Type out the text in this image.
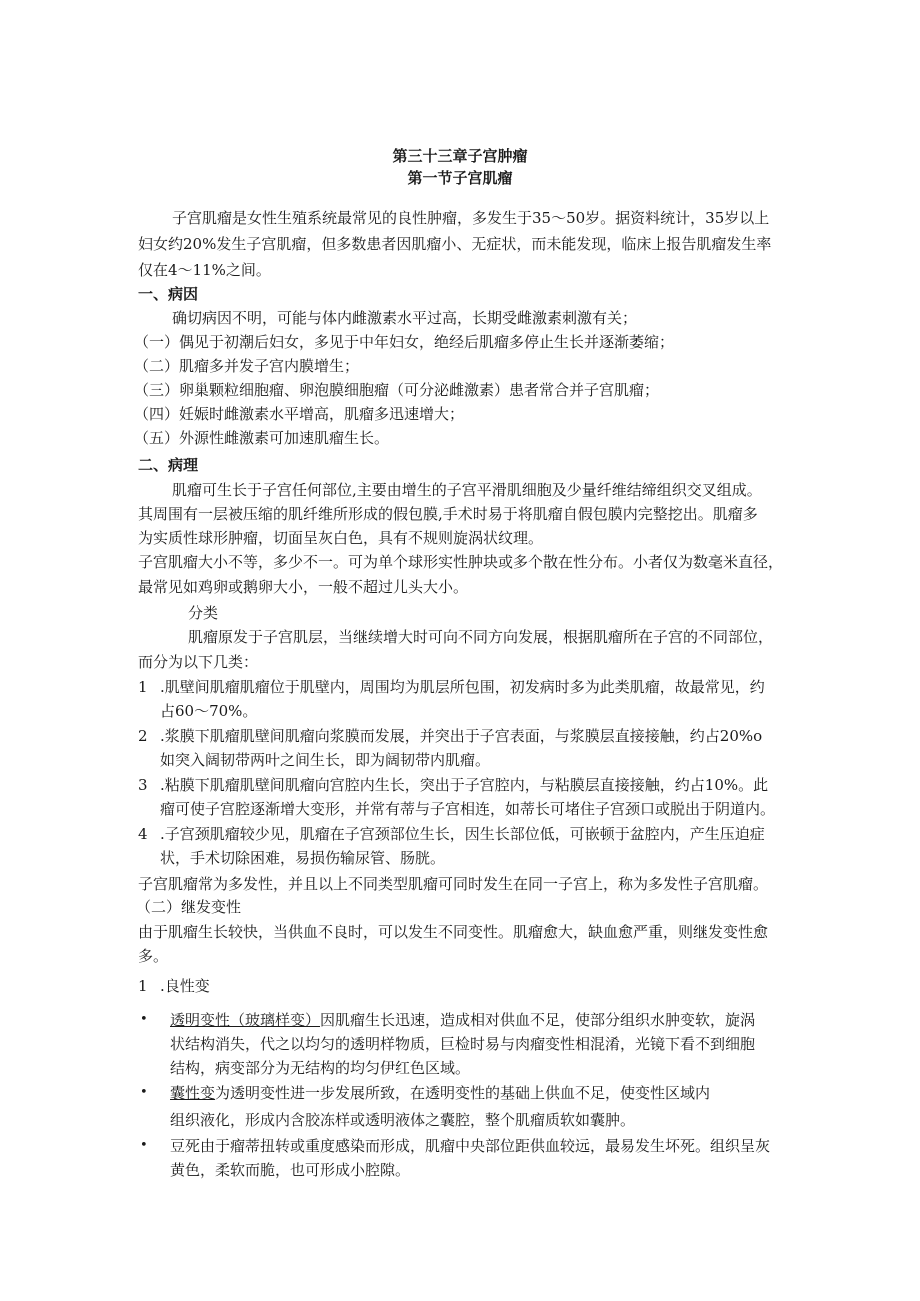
第三十三章子宫肿瘤
第一节子宫肌瘤
子宫肌瘤是女性生殖系统最常见的良性肿瘤，多发生于35～50岁。据资料统计，35岁以上
妇女约20%发生子宫肌瘤，但多数患者因肌瘤小、无症状，而未能发现，临床上报告肌瘤发生率
仅在4～11%之间。
一、病因
确切病因不明，可能与体内雌激素水平过高，长期受雌激素刺激有关；
（一）偶见于初潮后妇女，多见于中年妇女，绝经后肌瘤多停止生长并逐渐萎缩；
（二）肌瘤多并发子宫内膜增生；
（三）卵巢颗粒细胞瘤、卵泡膜细胞瘤（可分泌雌激素）患者常合并子宫肌瘤；
（四）妊娠时雌激素水平增高，肌瘤多迅速增大；
（五）外源性雌激素可加速肌瘤生长。
二、病理
肌瘤可生长于子宫任何部位,主要由增生的子宫平滑肌细胞及少量纤维结缔组织交叉组成。
其周围有一层被压缩的肌纤维所形成的假包膜,手术时易于将肌瘤自假包膜内完整挖出。肌瘤多
为实质性球形肿瘤，切面呈灰白色，具有不规则旋涡状纹理。
子宫肌瘤大小不等，多少不一。可为单个球形实性肿块或多个散在性分布。小者仅为数毫米直径，
最常见如鸡卵或鹅卵大小，一般不超过儿头大小。
分类
肌瘤原发于子宫肌层，当继续增大时可向不同方向发展，根据肌瘤所在子宫的不同部位，
而分为以下几类：
1 .肌壁间肌瘤肌瘤位于肌壁内，周围均为肌层所包围，初发病时多为此类肌瘤，故最常见，约
占60～70%。
2 .浆膜下肌瘤肌壁间肌瘤向浆膜而发展，并突出于子宫表面，与浆膜层直接接触，约占20%o
如突入阔韧带两叶之间生长，即为阔韧带内肌瘤。
3 .粘膜下肌瘤肌壁间肌瘤向宫腔内生长，突出于子宫腔内，与粘膜层直接接触，约占10%。此
瘤可使子宫腔逐渐增大变形，并常有蒂与子宫相连，如蒂长可堵住子宫颈口或脱出于阴道内。
4 .子宫颈肌瘤较少见，肌瘤在子宫颈部位生长，因生长部位低，可嵌顿于盆腔内，产生压迫症
状，手术切除困难，易损伤输尿管、肠胱。
子宫肌瘤常为多发性，并且以上不同类型肌瘤可同时发生在同一子宫上，称为多发性子宫肌瘤。
（二）继发变性
由于肌瘤生长较快，当供血不良时，可以发生不同变性。肌瘤愈大，缺血愈严重，则继发变性愈
多。
1 .良性变
• 透明变性（玻璃样变）因肌瘤生长迅速，造成相对供血不足，使部分组织水肿变软，旋涡
状结构消失，代之以均匀的透明样物质，巨检时易与肉瘤变性相混淆，光镜下看不到细胞
结构，病变部分为无结构的均匀伊红色区域。
• 囊性变为透明变性进一步发展所致，在透明变性的基础上供血不足，使变性区域内
组织液化，形成内含胶冻样或透明液体之囊腔，整个肌瘤质软如囊肿。
• 豆死由于瘤蒂扭转或重度感染而形成，肌瘤中央部位距供血较远，最易发生坏死。组织呈灰
黄色，柔软而脆，也可形成小腔隙。
